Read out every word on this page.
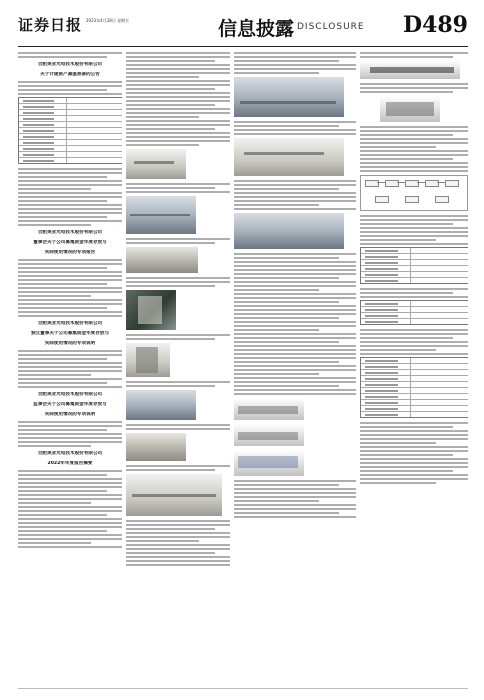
证券日报 2023年4月28日 星期五	信息披露 DISCLOSURE D489
合肥美亚光电技术股份有限公司
关于计提资产减值准备的公告
合肥美亚光电技术股份有限公司
董事会关于公司募集资金年度存放与
实际使用情况的专项报告
合肥美亚光电技术股份有限公司
独立董事关于公司募集资金年度存放与
实际使用情况的专项说明
合肥美亚光电技术股份有限公司
监事会关于公司募集资金年度存放与
实际使用情况的专项说明
合肥美亚光电技术股份有限公司
2022年年度报告摘要
